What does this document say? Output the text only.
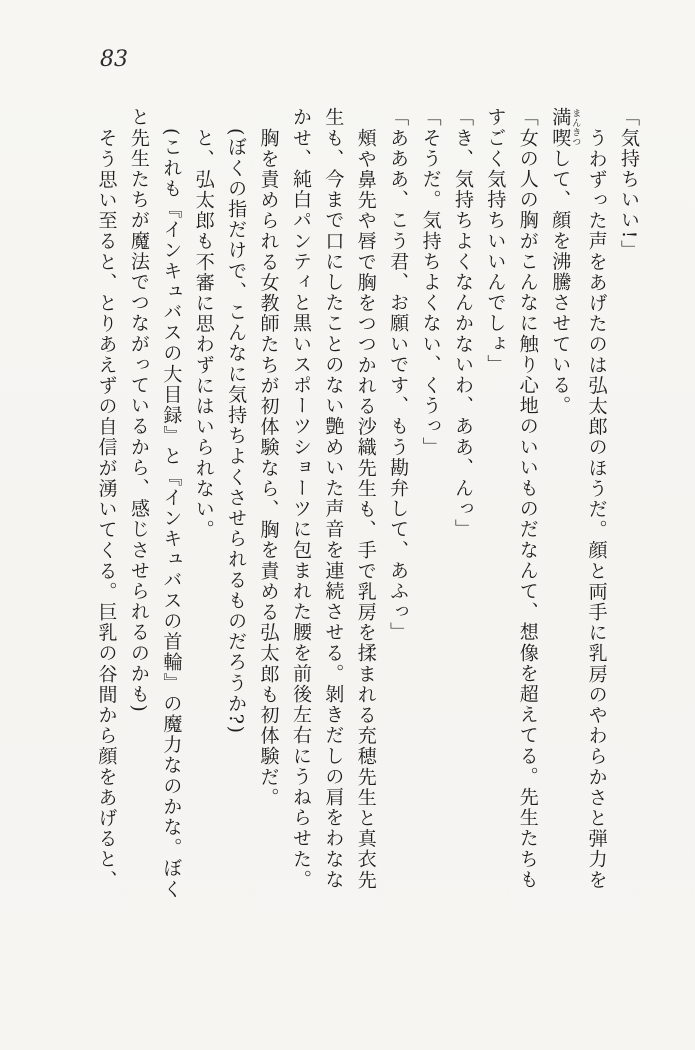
83

「気持ちいい!」

うわずった声をあげたのは弘太郎のほうだ。顔と両手に乳房のやわらかさと弾力を

満喫 まんきつして、顔を沸騰させている。

「女の人の胸がこんなに触り心地のいいものだなんて、想像を超えてる。先生たちも

すごく気持ちいいんでしょ」

「き、気持ちよくなんかないわ、ああ、んっ」

「そうだ。気持ちよくない、くうっ」

「あああ、こう君、お願いです、もう勘弁して、あふっ」

頰や鼻先や唇で胸をつつかれる沙織先生も、手で乳房を揉まれる充穂先生と真衣先

生も、今まで口にしたことのない艶めいた声音を連続させる。剝きだしの肩をわなな

かせ、純白パンティと黒いスポーツショーツに包まれた腰を前後左右にうねらせた。

胸を責められる女教師たちが初体験なら、胸を責める弘太郎も初体験だ。

(ぼくの指だけで、こんなに気持ちよくさせられるものだろうか?)

と、弘太郎も不審に思わずにはいられない。

(これも『インキュバスの大目録』と『インキュバスの首輪』の魔力なのかな。ぼく

と先生たちが魔法でつながっているから、感じさせられるのかも)

そう思い至ると、とりあえずの自信が湧いてくる。巨乳の谷間から顔をあげると、
